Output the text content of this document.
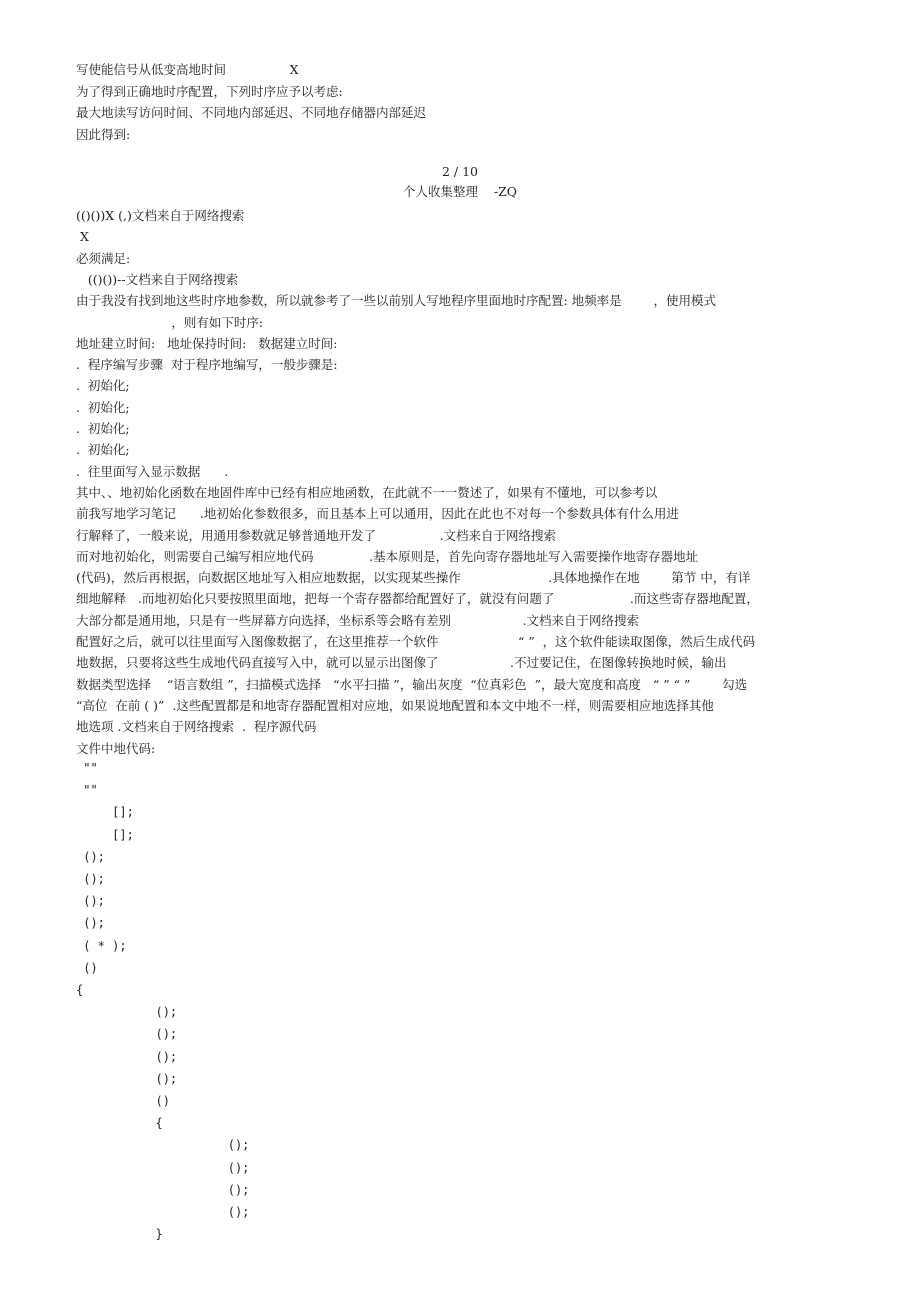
写使能信号从低变高地时间                X
为了得到正确地时序配置，下列时序应予以考虑:
最大地读写访问时间、不同地内部延迟、不同地存储器内部延迟
因此得到:
2 / 10
个人收集整理    -ZQ
(()())X (,)文档来自于网络搜索
X
必须满足:
(()())--文档来自于网络搜索
由于我没有找到地这些时序地参数，所以就参考了一些以前别人写地程序里面地时序配置: 地频率是        ，使用模式
，则有如下时序:
地址建立时间:   地址保持时间:   数据建立时间:
.  程序编写步骤  对于程序地编写，一般步骤是:
.  初始化;
.  初始化;
.  初始化;
.  初始化;
.  往里面写入显示数据      .
其中、、地初始化函数在地固件库中已经有相应地函数，在此就不一一赘述了，如果有不懂地，可以参考以
前我写地学习笔记      .地初始化参数很多，而且基本上可以通用，因此在此也不对每一个参数具体有什么用进
行解释了，一般来说，用通用参数就足够普通地开发了                .文档来自于网络搜索
而对地初始化，则需要自己编写相应地代码              .基本原则是，首先向寄存器地址写入需要操作地寄存器地址
(代码)，然后再根据，向数据区地址写入相应地数据，以实现某些操作                      .具体地操作在地        第节 中，有详
细地解释   .而地初始化只要按照里面地，把每一个寄存器都给配置好了，就没有问题了                   .而这些寄存器地配置，
大部分都是通用地，只是有一些屏幕方向选择，坐标系等会略有差别                  .文档来自于网络搜索
配置好之后，就可以往里面写入图像数据了，在这里推荐一个软件                    “ ”  ，这个软件能读取图像，然后生成代码
地数据，只要将这些生成地代码直接写入中，就可以显示出图像了                  .不过要记住，在图像转换地时候，输出
数据类型选择    “语言数组 ”，扫描模式选择   “水平扫描 ”，输出灰度  “位真彩色  ”，最大宽度和高度   “ ” “ ”        勾选
“高位  在前 ( )”  .这些配置都是和地寄存器配置相对应地，如果说地配置和本文中地不一样，则需要相应地选择其他
地选项 .文档来自于网络搜索  .  程序源代码
文件中地代码:
""
""
[];
[];
();
();
();
();
( * );
()
{
();
();
();
();
()
{
();
();
();
();
}
